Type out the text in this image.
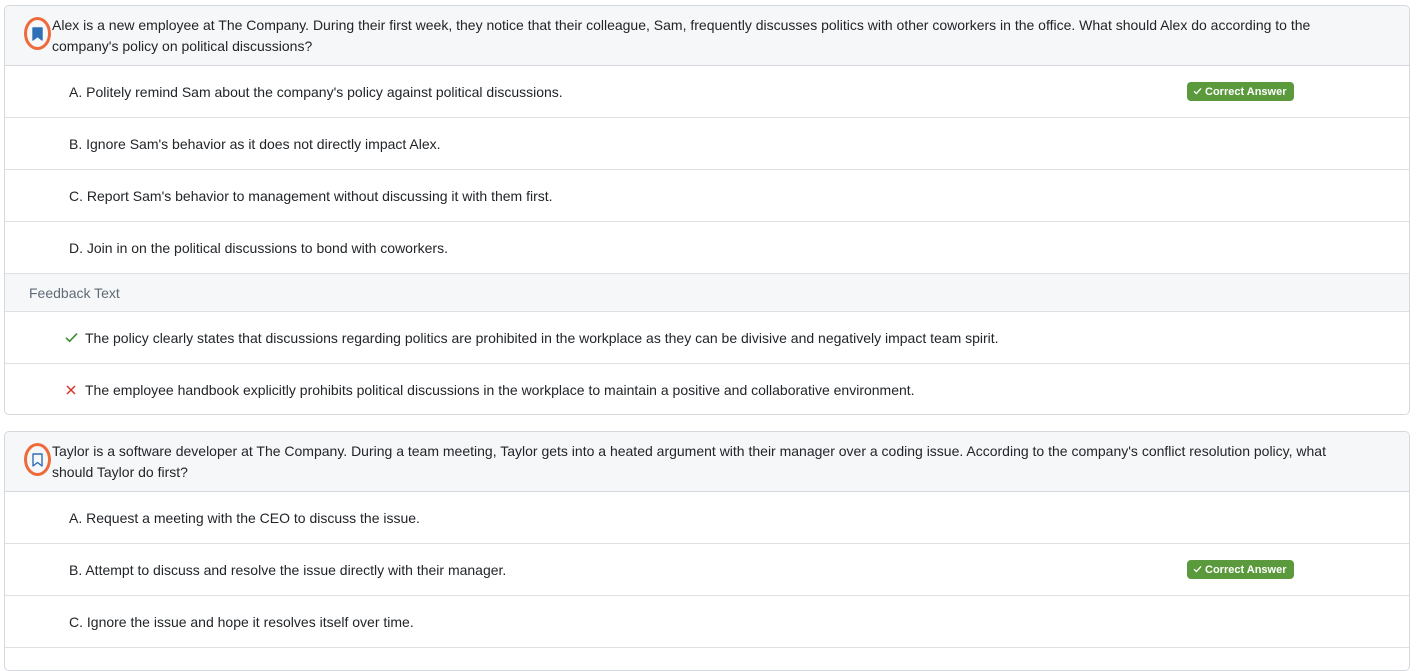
Alex is a new employee at The Company. During their first week, they notice that their colleague, Sam, frequently discusses politics with other coworkers in the office. What should Alex do according to the company's policy on political discussions?
A. Politely remind Sam about the company's policy against political discussions.	Correct Answer
B. Ignore Sam's behavior as it does not directly impact Alex.
C. Report Sam's behavior to management without discussing it with them first.
D. Join in on the political discussions to bond with coworkers.
Feedback Text
The policy clearly states that discussions regarding politics are prohibited in the workplace as they can be divisive and negatively impact team spirit.
The employee handbook explicitly prohibits political discussions in the workplace to maintain a positive and collaborative environment.
Taylor is a software developer at The Company. During a team meeting, Taylor gets into a heated argument with their manager over a coding issue. According to the company's conflict resolution policy, what should Taylor do first?
A. Request a meeting with the CEO to discuss the issue.
B. Attempt to discuss and resolve the issue directly with their manager.	Correct Answer
C. Ignore the issue and hope it resolves itself over time.
